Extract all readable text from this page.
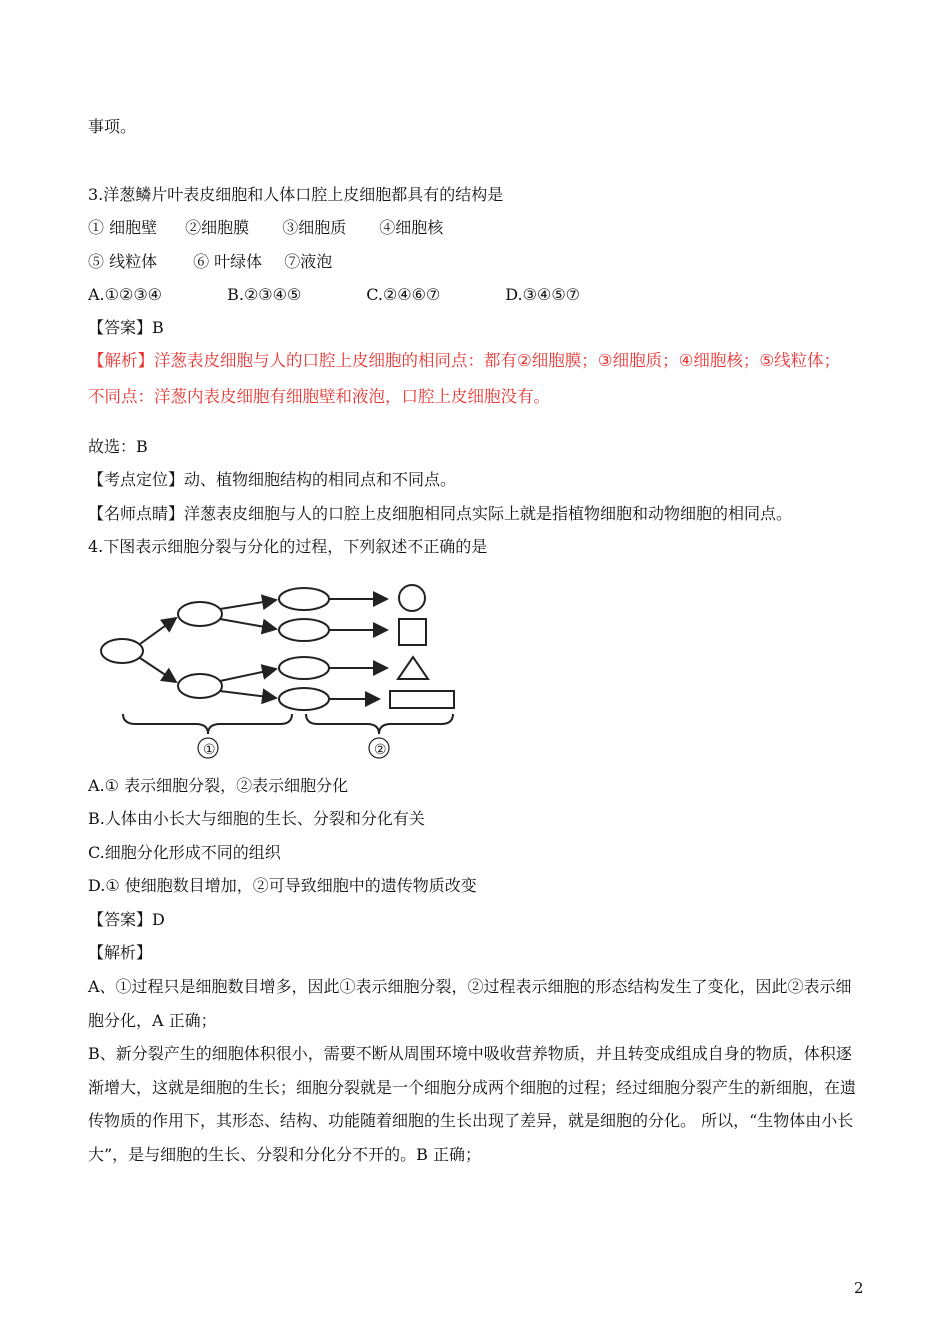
事项。
3.洋葱鳞片叶表皮细胞和人体口腔上皮细胞都具有的结构是
① 细胞壁 ②细胞膜 ③细胞质 ④细胞核
⑤ 线粒体 ⑥ 叶绿体 ⑦液泡
A.①②③④	B.②③④⑤	C.②④⑥⑦	D.③④⑤⑦
【答案】B
【解析】洋葱表皮细胞与人的口腔上皮细胞的相同点：都有②细胞膜；③细胞质；④细胞核；⑤线粒体；
不同点：洋葱内表皮细胞有细胞壁和液泡，口腔上皮细胞没有。
故选：B
【考点定位】动、植物细胞结构的相同点和不同点。
【名师点睛】洋葱表皮细胞与人的口腔上皮细胞相同点实际上就是指植物细胞和动物细胞的相同点。
4.下图表示细胞分裂与分化的过程，下列叙述不正确的是
①	②
A.① 表示细胞分裂，②表示细胞分化
B.人体由小长大与细胞的生长、分裂和分化有关
C.细胞分化形成不同的组织
D.① 使细胞数目增加，②可导致细胞中的遗传物质改变
【答案】D
【解析】
A、①过程只是细胞数目增多，因此①表示细胞分裂，②过程表示细胞的形态结构发生了变化，因此②表示细胞分化，A 正确；
B、新分裂产生的细胞体积很小，需要不断从周围环境中吸收营养物质，并且转变成组成自身的物质，体积逐渐增大，这就是细胞的生长；细胞分裂就是一个细胞分成两个细胞的过程；经过细胞分裂产生的新细胞，在遗传物质的作用下，其形态、结构、功能随着细胞的生长出现了差异，就是细胞的分化。 所以，“生物体由小长大”，是与细胞的生长、分裂和分化分不开的。B 正确；
2
